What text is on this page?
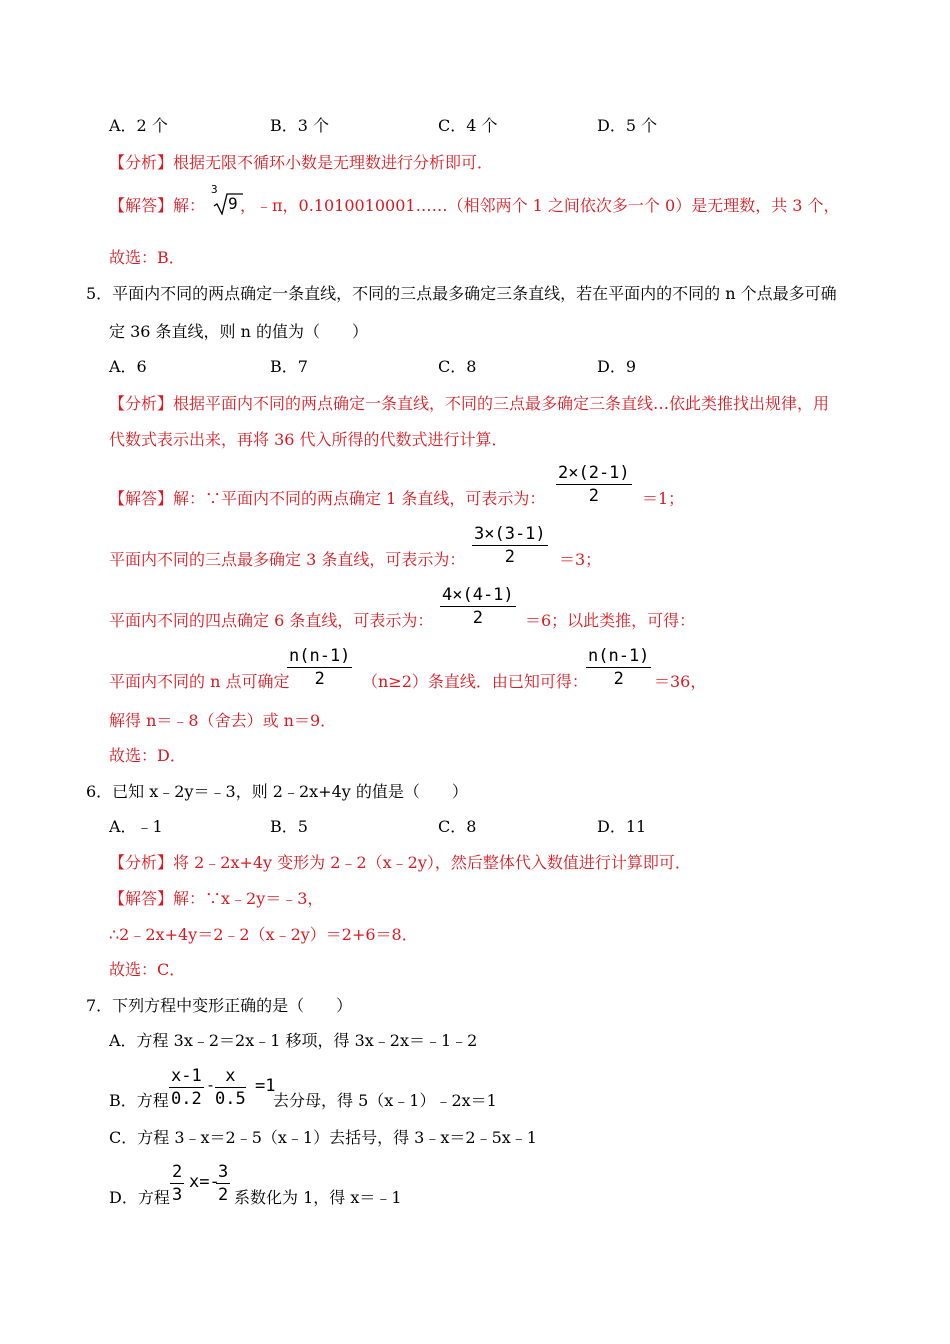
A．2 个	B．3 个	C．4 个	D．5 个
【分析】根据无限不循环小数是无理数进行分析即可．
【解答】解：
3
9 ，﹣π，0.1010010001……（相邻两个 1 之间依次多一个 0）是无理数，共 3 个，
故选：B．
5．平面内不同的两点确定一条直线，不同的三点最多确定三条直线，若在平面内的不同的 n 个点最多可确
定 36 条直线，则 n 的值为（　　）
A．6	B．7	C．8	D．9
【分析】根据平面内不同的两点确定一条直线，不同的三点最多确定三条直线…依此类推找出规律，用
代数式表示出来，再将 36 代入所得的代数式进行计算．
【解答】解：∵平面内不同的两点确定 1 条直线，可表示为： $\frac{2\times(2-1)}{2} =1$；
平面内不同的三点最多确定 3 条直线，可表示为： $\frac{3\times(3-1)}{2} =3$；
平面内不同的四点确定 6 条直线，可表示为： $\frac{4\times(4-1)}{2} =6$；以此类推，可得：
平面内不同的 n 点可确定
$\frac{n(n-1)}{2} (n\ge 2)$条直线．由已知可得：
$\frac{n(n-1)}{2} =36$，
解得 n＝﹣8（舍去）或 n＝9．
故选：D．
6．已知 x﹣2y＝﹣3，则 2﹣2x+4y 的值是（　　）
A．﹣1	B．5	C．8	D．11
【分析】将 2﹣2x+4y 变形为 2﹣2（x﹣2y），然后整体代入数值进行计算即可．
【解答】解：∵x﹣2y＝﹣3，
∴2﹣2x+4y＝2﹣2（x﹣2y）＝2+6＝8．
故选：C．
7．下列方程中变形正确的是（　　）
A．方程 3x﹣2＝2x﹣1 移项，得 3x﹣2x＝﹣1﹣2
B．方程 $\frac{x-1}{0.2} - \frac{x}{0.5} =1$
去分母，得 5（x﹣1）﹣2x＝1
C．方程 3﹣x＝2﹣5（x﹣1）去括号，得 3﹣x＝2﹣5x﹣1
D．方程 $\frac{2}{3} x=-$
$\frac{3}{2}$ 系数化为 1，得 x＝﹣1
